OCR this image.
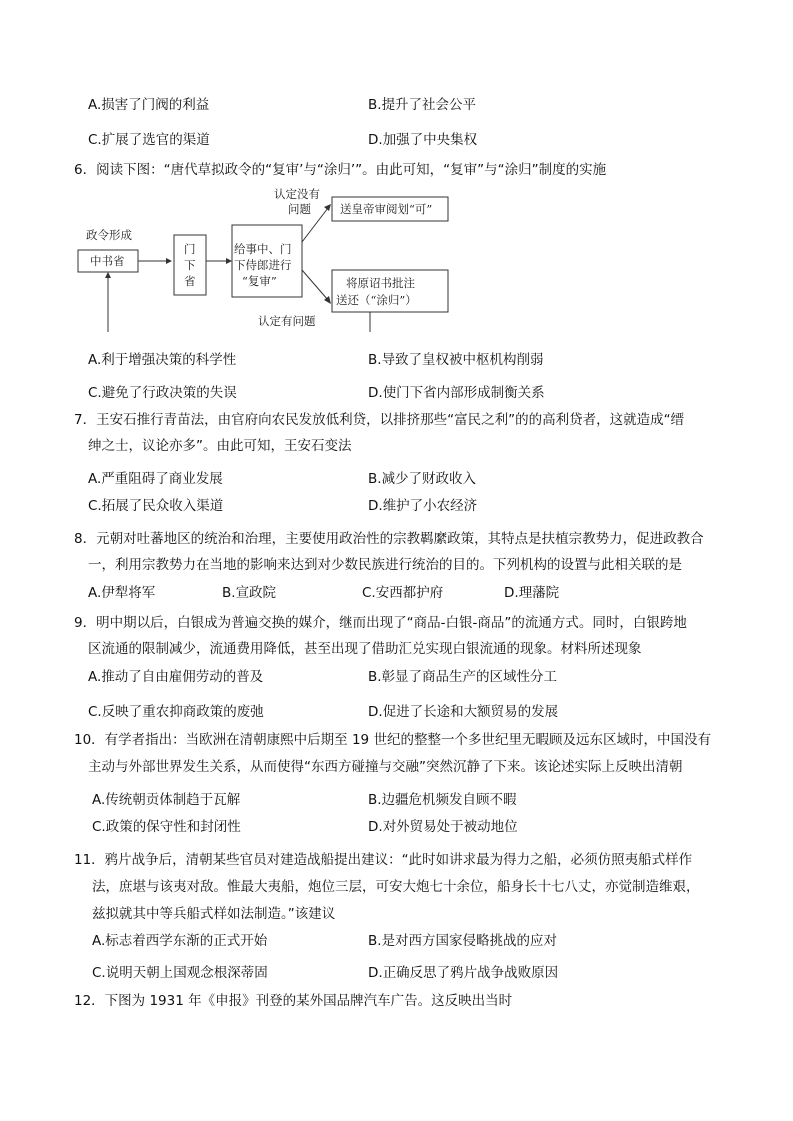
A.损害了门阀的利益	B.提升了社会公平
C.扩展了选官的渠道	D.加强了中央集权
6．阅读下图：“唐代草拟政令的“复审’与“涂归’”。由此可知，“复审”与“涂归”制度的实施
政令形成
中书省
门
下
省
给事中、门
下侍郎进行
“复审”
认定没有
问题	送皇帝审阅划“可”
将原诏书批注
送还（“涂归”）
认定有问题
A.利于增强决策的科学性	B.导致了皇权被中枢机构削弱
C.避免了行政决策的失误	D.使门下省内部形成制衡关系
7．王安石推行青苗法，由官府向农民发放低利贷，以排挤那些“富民之利”的的高利贷者，这就造成“缙
绅之士，议论亦多”。由此可知，王安石变法
A.严重阻碍了商业发展	B.减少了财政收入
C.拓展了民众收入渠道	D.维护了小农经济
8．元朝对吐蕃地区的统治和治理，主要使用政治性的宗教羁縻政策，其特点是扶植宗教势力，促进政教合
一，利用宗教势力在当地的影响来达到对少数民族进行统治的目的。下列机构的设置与此相关联的是
A.伊犁将军	B.宣政院	C.安西都护府	D.理藩院
9．明中期以后，白银成为普遍交换的媒介，继而出现了“商品-白银-商品”的流通方式。同时，白银跨地
区流通的限制减少，流通费用降低，甚至出现了借助汇兑实现白银流通的现象。材料所述现象
A.推动了自由雇佣劳动的普及	B.彰显了商品生产的区域性分工
C.反映了重农抑商政策的废弛	D.促进了长途和大额贸易的发展
10．有学者指出：当欧洲在清朝康熙中后期至 19 世纪的整整一个多世纪里无暇顾及远东区域时，中国没有
主动与外部世界发生关系，从而使得“东西方碰撞与交融”突然沉静了下来。该论述实际上反映出清朝
A.传统朝贡体制趋于瓦解	B.边疆危机频发自顾不暇
C.政策的保守性和封闭性	D.对外贸易处于被动地位
11．鸦片战争后，清朝某些官员对建造战船提出建议：“此时如讲求最为得力之船，必须仿照夷船式样作
法，庶堪与该夷对敌。惟最大夷船，炮位三层，可安大炮七十余位，船身长十七八丈，亦觉制造维艰，
兹拟就其中等兵船式样如法制造。”该建议
A.标志着西学东渐的正式开始	B.是对西方国家侵略挑战的应对
C.说明天朝上国观念根深蒂固	D.正确反思了鸦片战争战败原因
12．下图为 1931 年《申报》刊登的某外国品牌汽车广告。这反映出当时
